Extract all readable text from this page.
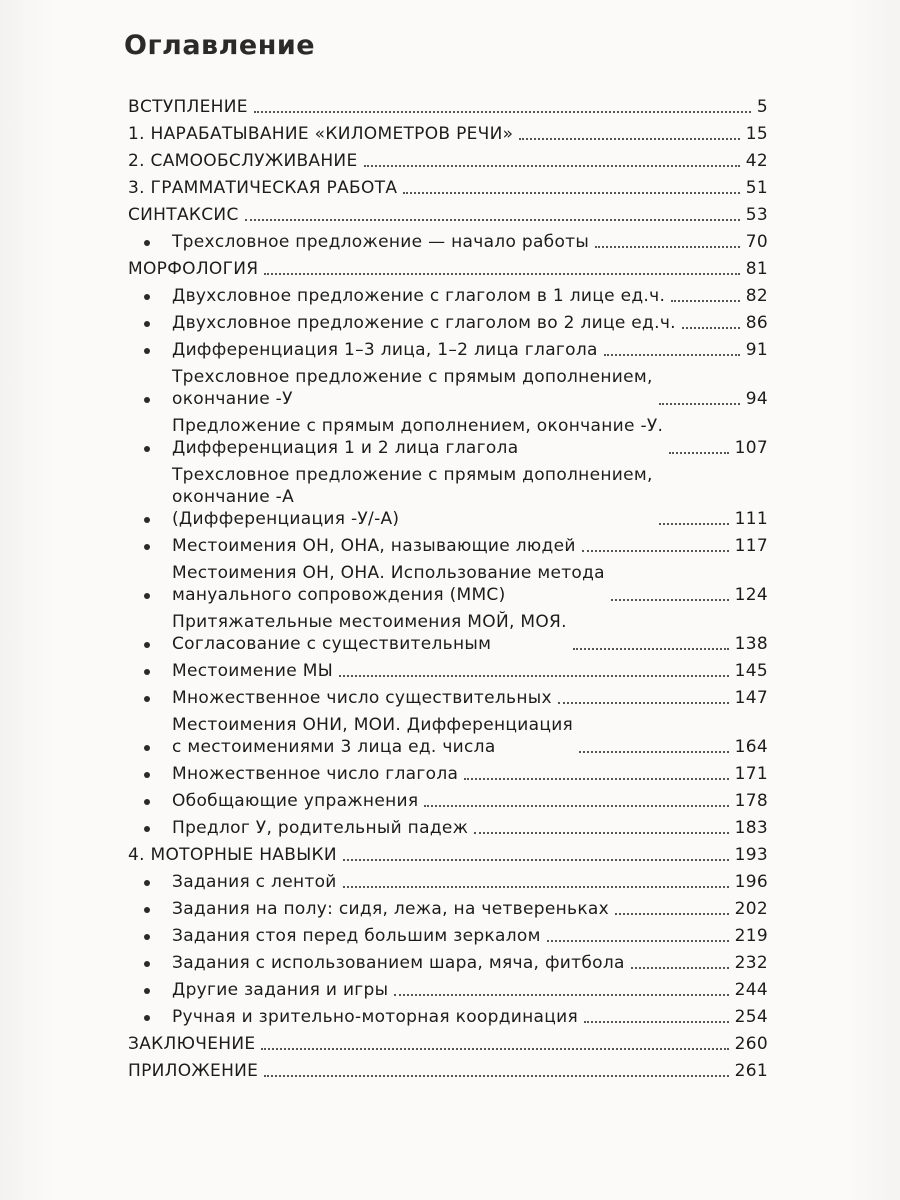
Оглавление
ВСТУПЛЕНИЕ	5
1. НАРАБАТЫВАНИЕ «КИЛОМЕТРОВ РЕЧИ»	15
2. САМООБСЛУЖИВАНИЕ	42
3. ГРАММАТИЧЕСКАЯ РАБОТА	51
СИНТАКСИС	53
Трехсловное предложение — начало работы	70
МОРФОЛОГИЯ	81
Двухсловное предложение с глаголом в 1 лице ед.ч.	82
Двухсловное предложение с глаголом во 2 лице ед.ч.	86
Дифференциация 1–3 лица, 1–2 лица глагола	91
Трехсловное предложение с прямым дополнением,
окончание -У	94
Предложение с прямым дополнением, окончание -У.
Дифференциация 1 и 2 лица глагола	107
Трехсловное предложение с прямым дополнением,
окончание -А
(Дифференциация -У/-А)	111
Местоимения ОН, ОНА, называющие людей	117
Местоимения ОН, ОНА. Использование метода
мануального сопровождения (ММС)	124
Притяжательные местоимения МОЙ, МОЯ.
Согласование с существительным	138
Местоимение МЫ	145
Множественное число существительных	147
Местоимения ОНИ, МОИ. Дифференциация
с местоимениями 3 лица ед. числа	164
Множественное число глагола	171
Обобщающие упражнения	178
Предлог У, родительный падеж	183
4. МОТОРНЫЕ НАВЫКИ	193
Задания с лентой	196
Задания на полу: сидя, лежа, на четвереньках	202
Задания стоя перед большим зеркалом	219
Задания с использованием шара, мяча, фитбола	232
Другие задания и игры	244
Ручная и зрительно-моторная координация	254
ЗАКЛЮЧЕНИЕ	260
ПРИЛОЖЕНИЕ	261
